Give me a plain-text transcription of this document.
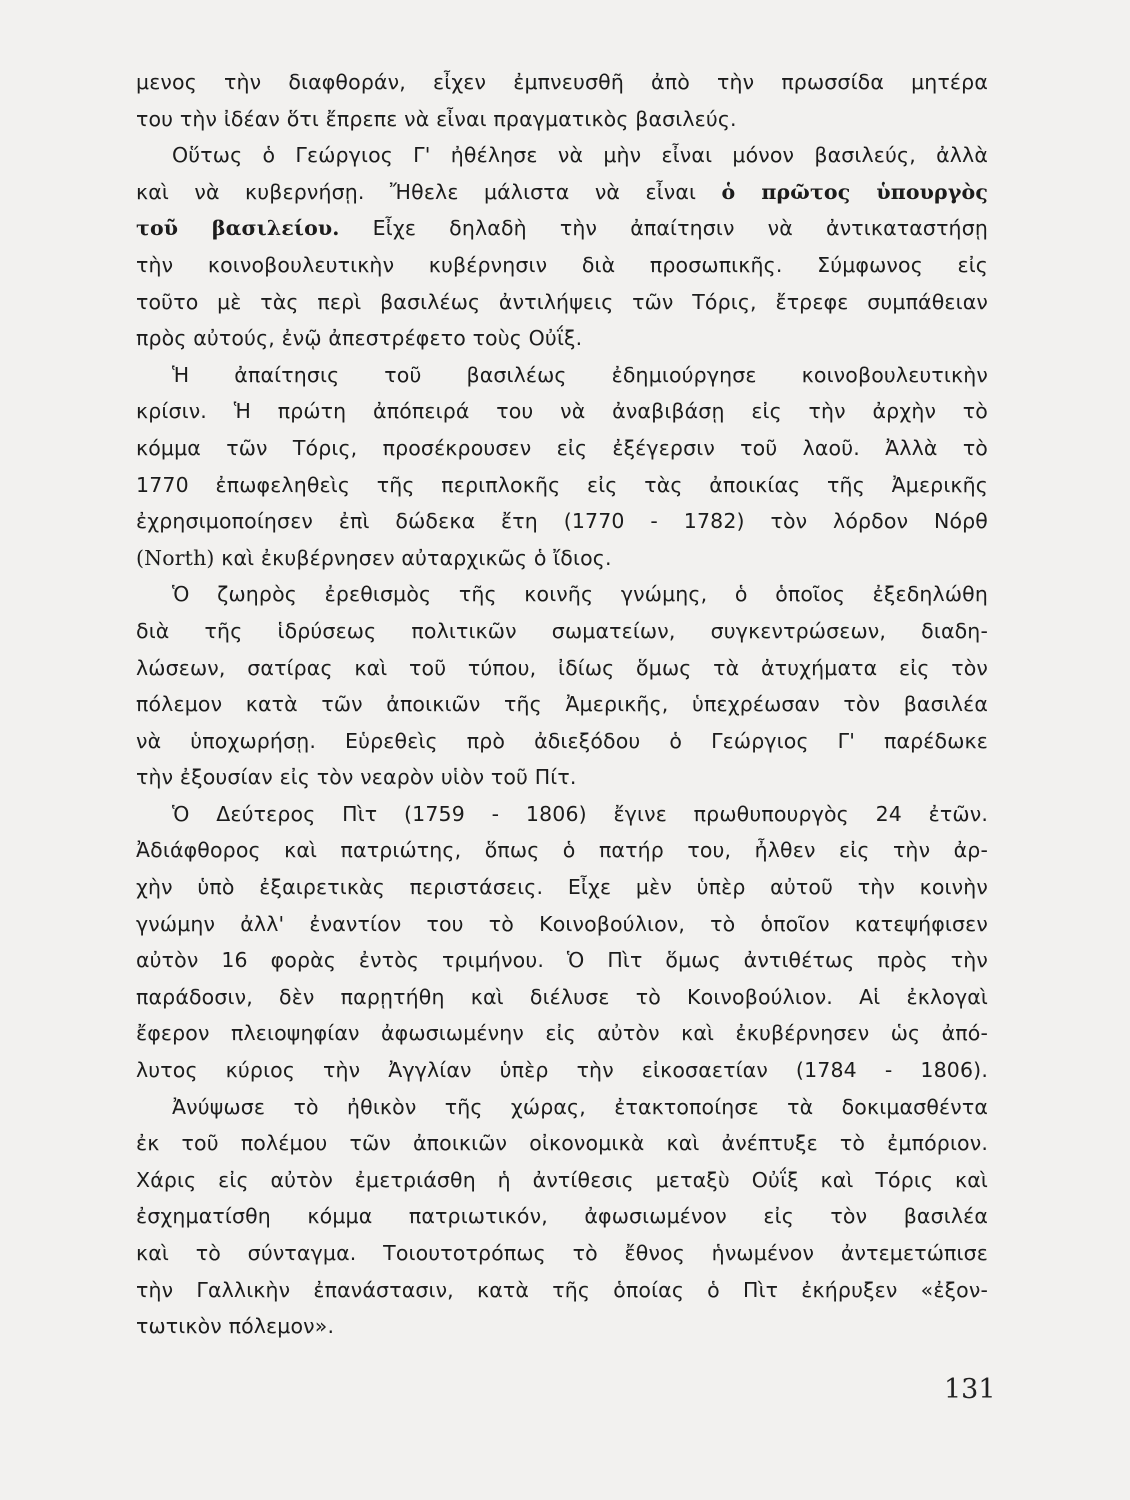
μενος τὴν διαφθοράν, εἶχεν ἐμπνευσθῆ ἀπὸ τὴν πρωσσίδα μητέρα
του τὴν ἰδέαν ὅτι ἔπρεπε νὰ εἶναι πραγματικὸς βασιλεύς.
Οὕτως ὁ Γεώργιος Γ' ἠθέλησε νὰ μὴν εἶναι μόνον βασιλεύς, ἀλλὰ
καὶ νὰ κυβερνήσῃ. Ἤθελε μάλιστα νὰ εἶναι ὁ πρῶτος ὑπουργὸς
τοῦ βασιλείου. Εἶχε δηλαδὴ τὴν ἀπαίτησιν νὰ ἀντικαταστήσῃ
τὴν κοινοβουλευτικὴν κυβέρνησιν διὰ προσωπικῆς. Σύμφωνος εἰς
τοῦτο μὲ τὰς περὶ βασιλέως ἀντιλήψεις τῶν Τόρις, ἔτρεφε συμπάθειαν
πρὸς αὐτούς, ἐνῷ ἀπεστρέφετο τοὺς Οὐΐξ.
Ἡ ἀπαίτησις τοῦ βασιλέως ἐδημιούργησε κοινοβουλευτικὴν
κρίσιν. Ἡ πρώτη ἀπόπειρά του νὰ ἀναβιβάσῃ εἰς τὴν ἀρχὴν τὸ
κόμμα τῶν Τόρις, προσέκρουσεν εἰς ἐξέγερσιν τοῦ λαοῦ. Ἀλλὰ τὸ
1770 ἐπωφεληθεὶς τῆς περιπλοκῆς εἰς τὰς ἀποικίας τῆς Ἀμερικῆς
ἐχρησιμοποίησεν ἐπὶ δώδεκα ἔτη (1770 - 1782) τὸν λόρδον Νόρθ
(North) καὶ ἐκυβέρνησεν αὐταρχικῶς ὁ ἴδιος.
Ὁ ζωηρὸς ἐρεθισμὸς τῆς κοινῆς γνώμης, ὁ ὁποῖος ἐξεδηλώθη
διὰ τῆς ἱδρύσεως πολιτικῶν σωματείων, συγκεντρώσεων, διαδη-
λώσεων, σατίρας καὶ τοῦ τύπου, ἰδίως ὅμως τὰ ἀτυχήματα εἰς τὸν
πόλεμον κατὰ τῶν ἀποικιῶν τῆς Ἀμερικῆς, ὑπεχρέωσαν τὸν βασιλέα
νὰ ὑποχωρήσῃ. Εὑρεθεὶς πρὸ ἀδιεξόδου ὁ Γεώργιος Γ' παρέδωκε
τὴν ἐξουσίαν εἰς τὸν νεαρὸν υἱὸν τοῦ Πίτ.
Ὁ Δεύτερος Πὶτ (1759 - 1806) ἔγινε πρωθυπουργὸς 24 ἐτῶν.
Ἀδιάφθορος καὶ πατριώτης, ὅπως ὁ πατήρ του, ἦλθεν εἰς τὴν ἀρ-
χὴν ὑπὸ ἐξαιρετικὰς περιστάσεις. Εἶχε μὲν ὑπὲρ αὐτοῦ τὴν κοινὴν
γνώμην ἀλλ' ἐναντίον του τὸ Κοινοβούλιον, τὸ ὁποῖον κατεψήφισεν
αὐτὸν 16 φορὰς ἐντὸς τριμήνου. Ὁ Πὶτ ὅμως ἀντιθέτως πρὸς τὴν
παράδοσιν, δὲν παρῃτήθη καὶ διέλυσε τὸ Κοινοβούλιον. Αἱ ἐκλογαὶ
ἔφερον πλειοψηφίαν ἀφωσιωμένην εἰς αὐτὸν καὶ ἐκυβέρνησεν ὡς ἀπό-
λυτος κύριος τὴν Ἀγγλίαν ὑπὲρ τὴν εἰκοσαετίαν (1784 - 1806).
Ἀνύψωσε τὸ ἠθικὸν τῆς χώρας, ἐτακτοποίησε τὰ δοκιμασθέντα
ἐκ τοῦ πολέμου τῶν ἀποικιῶν οἰκονομικὰ καὶ ἀνέπτυξε τὸ ἐμπόριον.
Χάρις εἰς αὐτὸν ἐμετριάσθη ἡ ἀντίθεσις μεταξὺ Οὐΐξ καὶ Τόρις καὶ
ἐσχηματίσθη κόμμα πατριωτικόν, ἀφωσιωμένον εἰς τὸν βασιλέα
καὶ τὸ σύνταγμα. Τοιουτοτρόπως τὸ ἔθνος ἡνωμένον ἀντεμετώπισε
τὴν Γαλλικὴν ἐπανάστασιν, κατὰ τῆς ὁποίας ὁ Πὶτ ἐκήρυξεν «ἐξον-
τωτικὸν πόλεμον».
131
